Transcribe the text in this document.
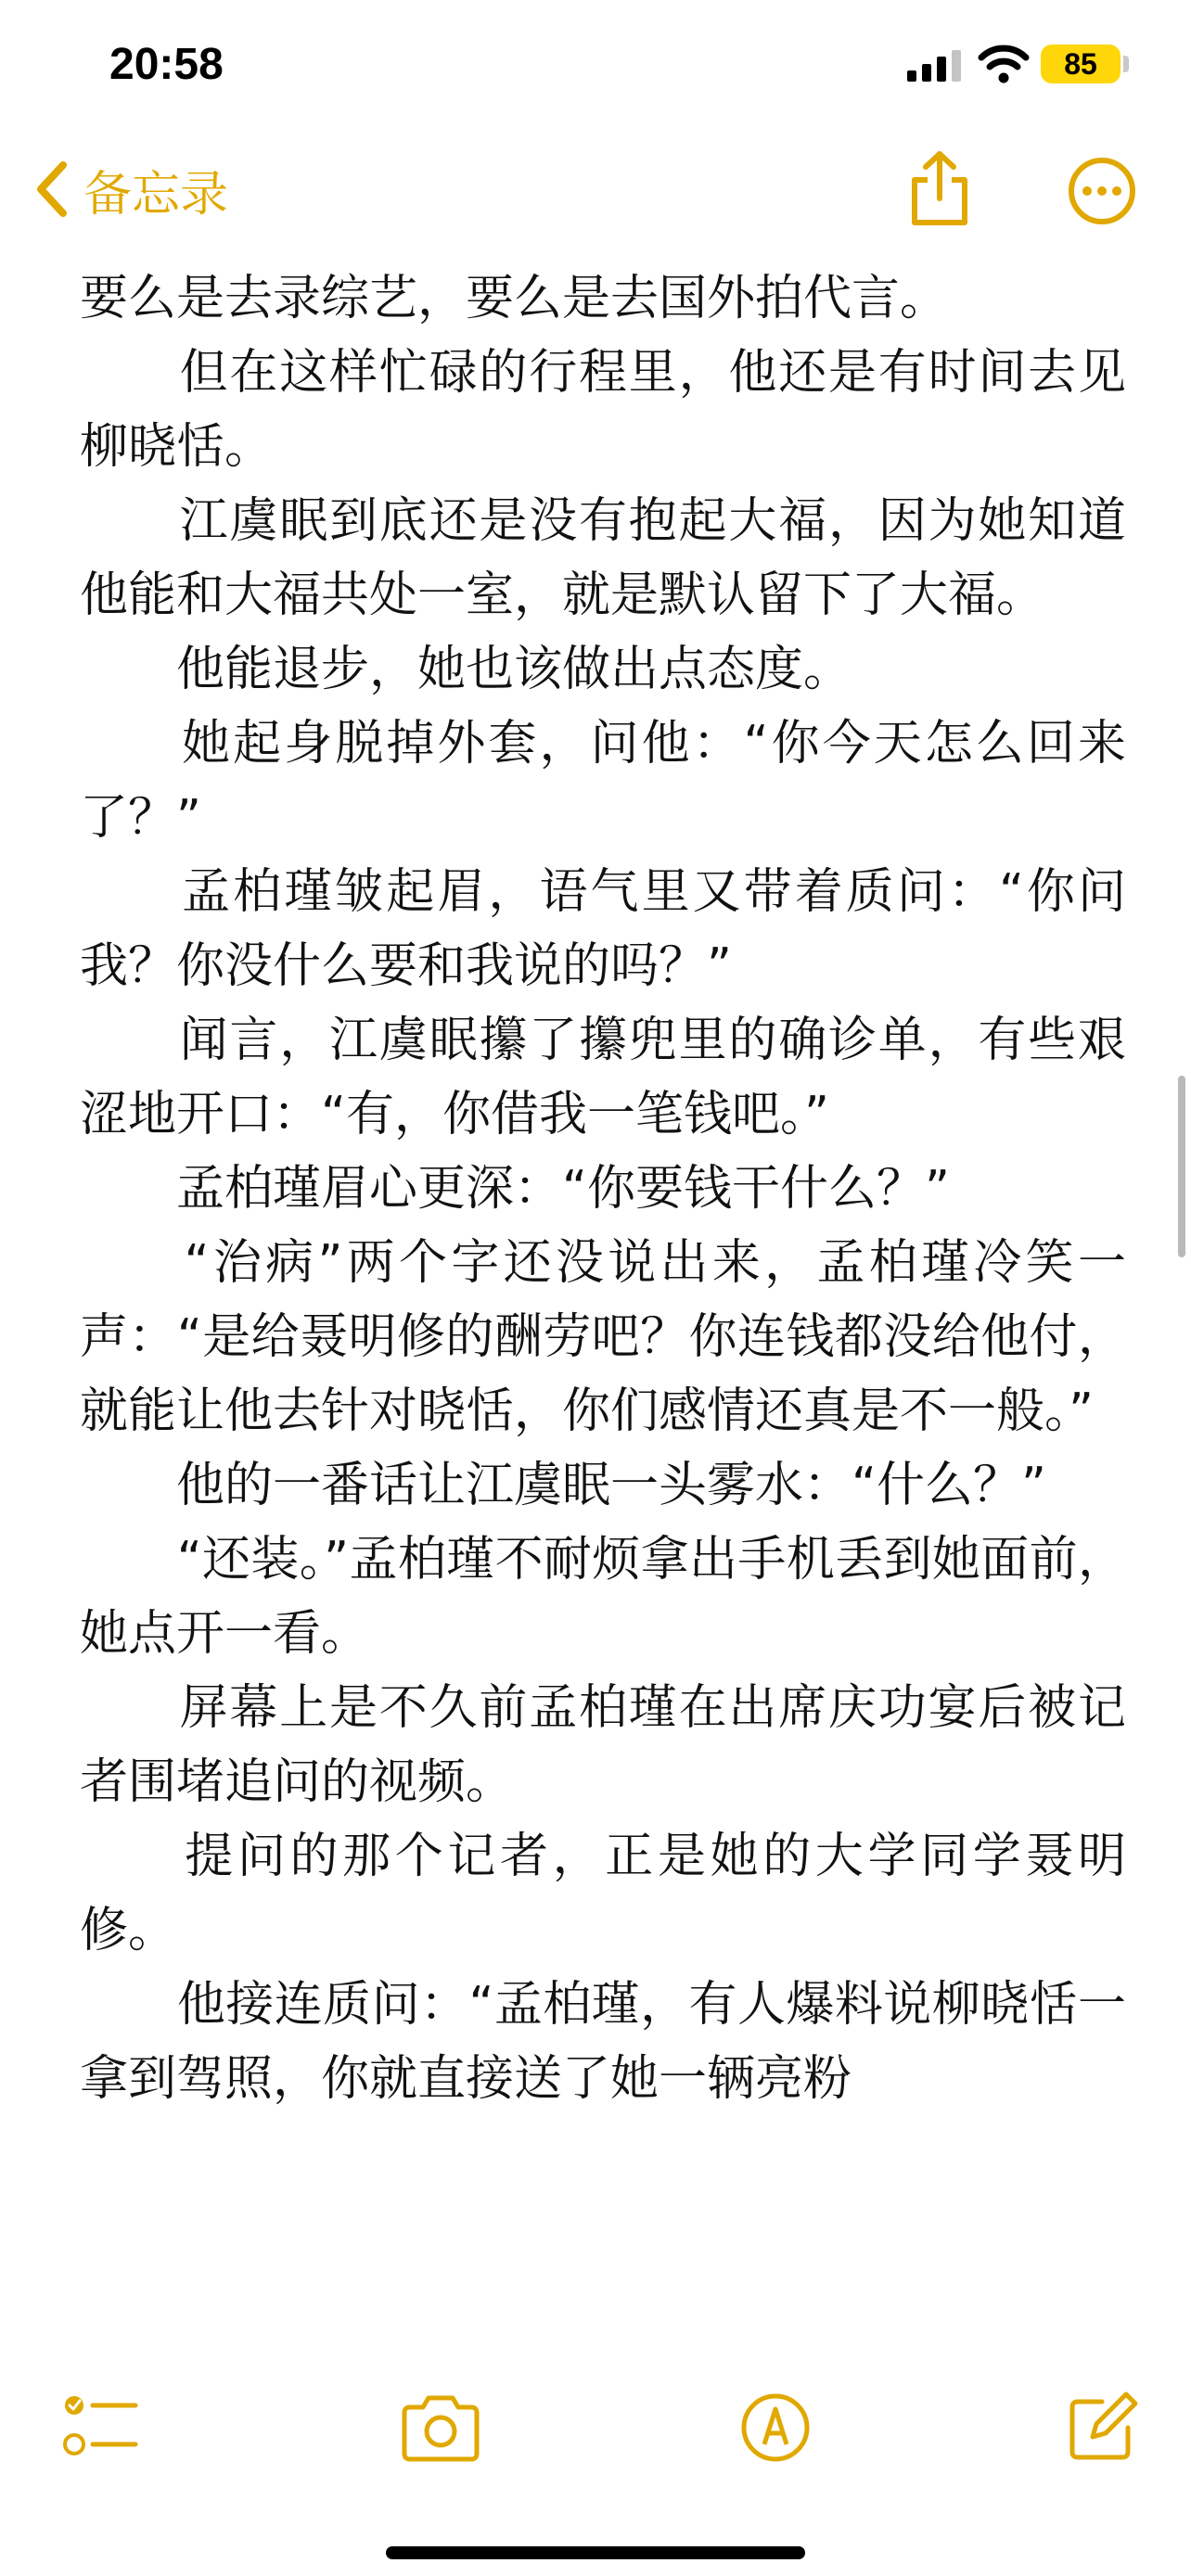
20:58	85

备忘录

要么是去录综艺，要么是去国外拍代言。

　　但在这样忙碌的行程里，他还是有时间去见柳晓恬。

　　江虞眠到底还是没有抱起大福，因为她知道他能和大福共处一室，就是默认留下了大福。

　　他能退步，她也该做出点态度。

　　她起身脱掉外套，问他：“你今天怎么回来了？”

　　孟柏瑾皱起眉，语气里又带着质问：“你问我？你没什么要和我说的吗？”

　　闻言，江虞眠攥了攥兜里的确诊单，有些艰涩地开口：“有，你借我一笔钱吧。”

　　孟柏瑾眉心更深：“你要钱干什么？”

　　“治病”两个字还没说出来，孟柏瑾冷笑一声：“是给聂明修的酬劳吧？你连钱都没给他付，就能让他去针对晓恬，你们感情还真是不一般。”

　　他的一番话让江虞眠一头雾水：“什么？”

　　“还装。”孟柏瑾不耐烦拿出手机丢到她面前，她点开一看。

　　屏幕上是不久前孟柏瑾在出席庆功宴后被记者围堵追问的视频。

　　提问的那个记者，正是她的大学同学聂明修。

　　他接连质问：“孟柏瑾，有人爆料说柳晓恬一拿到驾照，你就直接送了她一辆亮粉
